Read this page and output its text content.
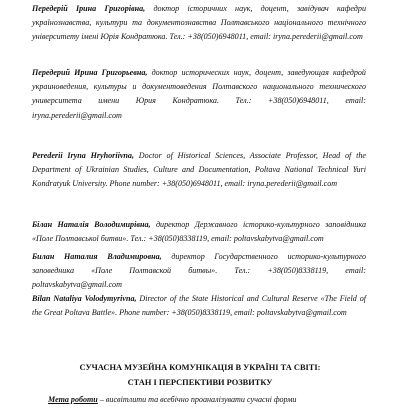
Передерій Ірина Григорівна, доктор історичних наук, доцент, завідувач кафедри українознавства, культури та документознавства Полтавського національного технічного університету імені Юрія Кондратюка. Тел.: +38(050)6948011, email: iryna.perederii@gmail.com

Передерий Ирина Григорьевна, доктор исторических наук, доцент, заведующая кафедрой украиноведения, культуры и документоведения Полтавского национального технического университета имени Юрия Кондратюка. Тел.: +38(050)6948011, email: iryna.perederii@gmail.com

Perederii Iryna Hryhoriivna, Doctor of Historical Sciences, Associate Professor, Head of the Department of Ukrainian Studies, Culture and Documentation, Poltava National Technical Yuri Kondratyuk University. Phone number: +38(050)6948011, email: iryna.perederii@gmail.com

Білан Наталія Володимирівна, директор Державного історико-культурного заповідника «Поле Полтавської битви». Тел.: +38(050)8338119, email: poltavskabytva@gmail.com

Билан Наталия Владимировна, директор Государственного историко-культурного заповедника «Поле Полтавской битвы». Тел.: +38(050)8338119, email: poltavskabytva@gmail.com

Bilan Nataliya Volodymyrivna, Director of the State Historical and Cultural Reserve «The Field of the Great Poltava Battle». Phone number: +38(050)8338119, email: poltavskabytva@gmail.com

СУЧАСНА МУЗЕЙНА КОМУНІКАЦІЯ В УКРАЇНІ ТА СВІТІ:
СТАН І ПЕРСПЕКТИВИ РОЗВИТКУ
Мета роботи – висвітлити та всебічно проаналізувати сучасні форми
